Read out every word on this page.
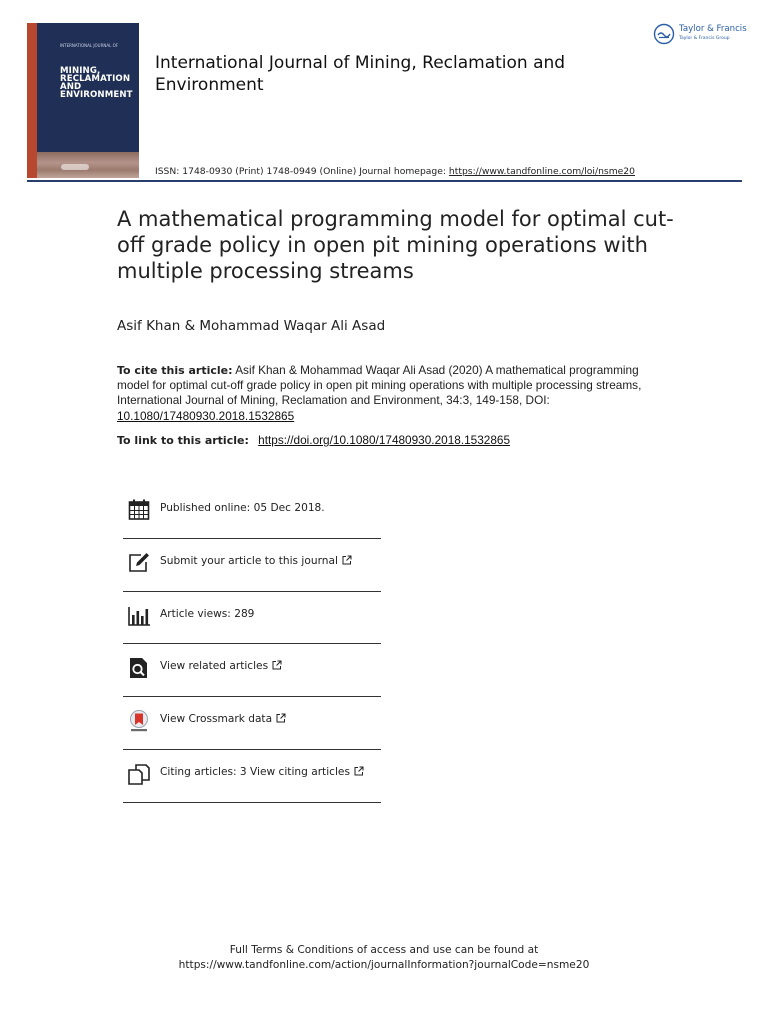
INTERNATIONAL JOURNAL OF
MINING,
RECLAMATION
AND
ENVIRONMENT
International Journal of Mining, Reclamation and Environment
Taylor & Francis
Taylor & Francis Group
ISSN: 1748-0930 (Print) 1748-0949 (Online) Journal homepage: https://www.tandfonline.com/loi/nsme20
A mathematical programming model for optimal cut-off grade policy in open pit mining operations with multiple processing streams
Asif Khan & Mohammad Waqar Ali Asad
To cite this article: Asif Khan & Mohammad Waqar Ali Asad (2020) A mathematical programming model for optimal cut-off grade policy in open pit mining operations with multiple processing streams, International Journal of Mining, Reclamation and Environment, 34:3, 149-158, DOI: 10.1080/17480930.2018.1532865
To link to this article: https://doi.org/10.1080/17480930.2018.1532865
Published online: 05 Dec 2018.
Submit your article to this journal
Article views: 289
View related articles
View Crossmark data
Citing articles: 3 View citing articles
Full Terms & Conditions of access and use can be found at
https://www.tandfonline.com/action/journalInformation?journalCode=nsme20
